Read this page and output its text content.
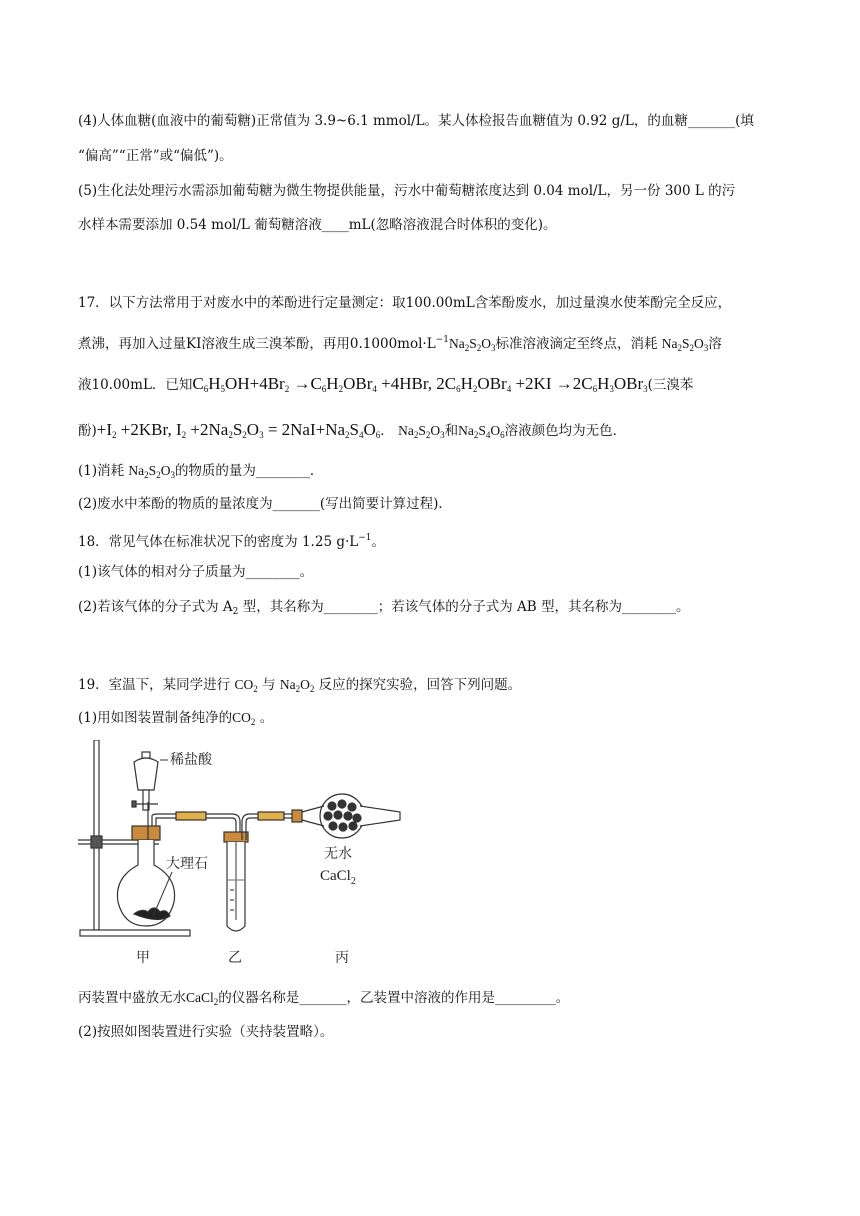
(4)人体血糖(血液中的葡萄糖)正常值为 3.9~6.1 mmol/L。某人体检报告血糖值为 0.92 g/L，的血糖_______(填
“偏高”“正常”或“偏低”)。
(5)生化法处理污水需添加葡萄糖为微生物提供能量，污水中葡萄糖浓度达到 0.04 mol/L，另一份 300 L 的污
水样本需要添加 0.54 mol/L 葡萄糖溶液____mL(忽略溶液混合时体积的变化)。
17．以下方法常用于对废水中的苯酚进行定量测定：取100.00mL含苯酚废水，加过量溴水使苯酚完全反应，
煮沸，再加入过量KI溶液生成三溴苯酚，再用$0.1000mol\cdot L^{-1}Na_2S_2O_3$标准溶液滴定至终点，消耗 $Na_2S_2O_3$溶
液10.00mL．已知$C_6H_5OH+4Br_2 \to C_6H_2OBr_4 +4HBr$, $2C_6H_2OBr_4 +2KI \to 2C_6H_3OBr_3$(三溴苯
酚)$+I_2 +2KBr$, $I_2 +2Na_2S_2O_3 = 2NaI+Na_2S_4O_6$． $Na_2S_2O_3$和$Na_2S_4O_6$溶液颜色均为无色．
(1)消耗 $Na_2S_2O_3$的物质的量为________．
(2)废水中苯酚的物质的量浓度为_______(写出简要计算过程)．
18．常见气体在标准状况下的密度为 1.25 $g\cdot L^{-1}$。
(1)该气体的相对分子质量为________。
(2)若该气体的分子式为 $A_2$ 型，其名称为________；若该气体的分子式为 AB 型，其名称为________。
19．室温下，某同学进行 $CO_2$ 与 $Na_2O_2$ 反应的探究实验，回答下列问题。
(1)用如图装置制备纯净的$CO_2$ 。
稀盐酸
大理石
无水
CaCl$_2$
甲	乙	丙
丙装置中盛放无水CaCl$_2$的仪器名称是_______，乙装置中溶液的作用是_________。
(2)按照如图装置进行实验（夹持装置略）。
